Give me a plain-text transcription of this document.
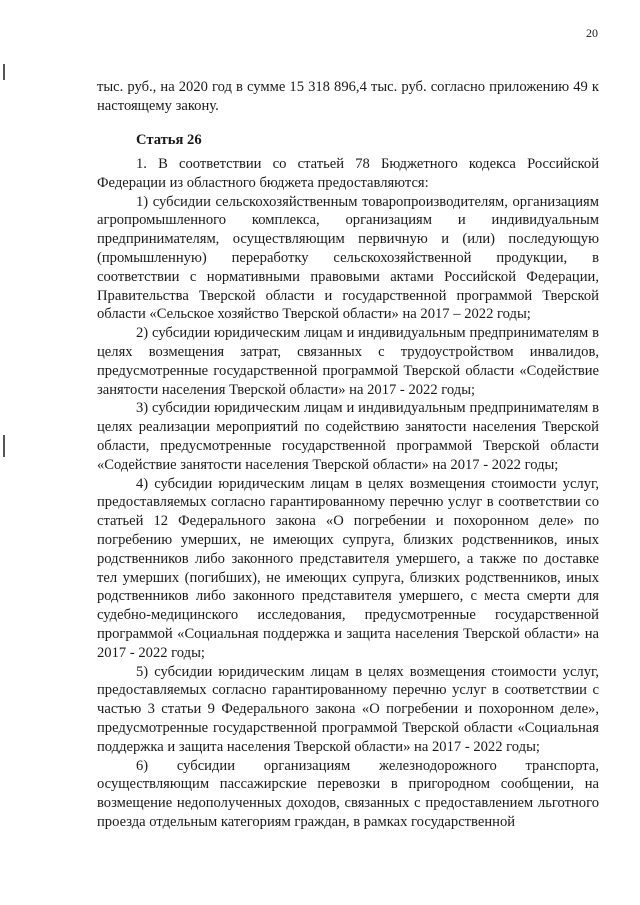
20

тыс. руб., на 2020 год в сумме 15 318 896,4 тыс. руб. согласно приложению 49 к настоящему закону.

Статья 26

1. В соответствии со статьей 78 Бюджетного кодекса Российской Федерации из областного бюджета предоставляются:

1) субсидии сельскохозяйственным товаропроизводителям, организациям агропромышленного комплекса, организациям и индивидуальным предпринимателям, осуществляющим первичную и (или) последующую (промышленную) переработку сельскохозяйственной продукции, в соответствии с нормативными правовыми актами Российской Федерации, Правительства Тверской области и государственной программой Тверской области «Сельское хозяйство Тверской области» на 2017 – 2022 годы;

2) субсидии юридическим лицам и индивидуальным предпринимателям в целях возмещения затрат, связанных с трудоустройством инвалидов, предусмотренные государственной программой Тверской области «Содействие занятости населения Тверской области» на 2017 - 2022 годы;

3) субсидии юридическим лицам и индивидуальным предпринимателям в целях реализации мероприятий по содействию занятости населения Тверской области, предусмотренные государственной программой Тверской области «Содействие занятости населения Тверской области» на 2017 - 2022 годы;

4) субсидии юридическим лицам в целях возмещения стоимости услуг, предоставляемых согласно гарантированному перечню услуг в соответствии со статьей 12 Федерального закона «О погребении и похоронном деле» по погребению умерших, не имеющих супруга, близких родственников, иных родственников либо законного представителя умершего, а также по доставке тел умерших (погибших), не имеющих супруга, близких родственников, иных родственников либо законного представителя умершего, с места смерти для судебно-медицинского исследования, предусмотренные государственной программой «Социальная поддержка и защита населения Тверской области» на 2017 - 2022 годы;

5) субсидии юридическим лицам в целях возмещения стоимости услуг, предоставляемых согласно гарантированному перечню услуг в соответствии с частью 3 статьи 9 Федерального закона «О погребении и похоронном деле», предусмотренные государственной программой Тверской области «Социальная поддержка и защита населения Тверской области» на 2017 - 2022 годы;

6) субсидии организациям железнодорожного транспорта, осуществляющим пассажирские перевозки в пригородном сообщении, на возмещение недополученных доходов, связанных с предоставлением льготного проезда отдельным категориям граждан, в рамках государственной
